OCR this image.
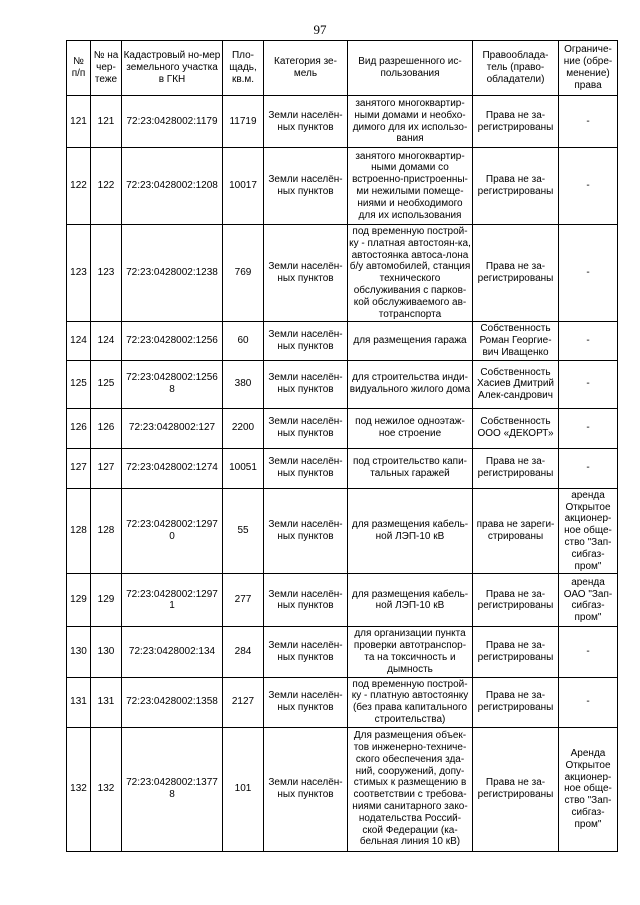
97
№ п/п	№ на чер-теже	Кадастровый но-мер земельного участка в ГКН	Пло-щадь, кв.м.	Категория зе-мель	Вид разрешенного ис-пользования	Правооблада-тель (право-обладатели)	Ограниче-ние (обре-менение) права
121	121	72:23:0428002:1179	11719	Земли населён-ных пунктов	занятого многоквартир-ными домами и необхо-димого для их использо-вания	Права не за-регистрированы	-
122	122	72:23:0428002:1208	10017	Земли населён-ных пунктов	занятого многоквартир-ными домами со встроенно-пристроенны-ми нежилыми помеще-ниями и необходимого для их использования	Права не за-регистрированы	-
123	123	72:23:0428002:1238	769	Земли населён-ных пунктов	под временную построй-ку - платная автостоян-ка, автостоянка автосa-лона б/у автомобилей, станция технического обслуживания с парков-кой обслуживаемого ав-тотранспорта	Права не за-регистрированы	-
124	124	72:23:0428002:1256	60	Земли населён-ных пунктов	для размещения гаража	Собственность Роман Георгие-вич Иващенко	-
125	125	72:23:0428002:1256 8	380	Земли населён-ных пунктов	для строительства инди-видуального жилого дома	Собственность Хасиев Дмитрий Алек-сандрович	-
126	126	72:23:0428002:127	2200	Земли населён-ных пунктов	под нежилое одноэтаж-ное строение	Собственность ООО «ДЕКОРТ»	-
127	127	72:23:0428002:1274	10051	Земли населён-ных пунктов	под строительство капи-тальных гаражей	Права не за-регистрированы	-
128	128	72:23:0428002:1297 0	55	Земли населён-ных пунктов	для размещения кабель-ной ЛЭП-10 кВ	права не зареги-стрированы	аренда Открытое акционер-ное обще-ство "Зап-сибгаз-пром"
129	129	72:23:0428002:1297 1	277	Земли населён-ных пунктов	для размещения кабель-ной ЛЭП-10 кВ	Права не за-регистрированы	аренда ОАО "Зап-сибгаз-пром"
130	130	72:23:0428002:134	284	Земли населён-ных пунктов	для организации пункта проверки автотранспор-та на токсичность и дымность	Права не за-регистрированы	-
131	131	72:23:0428002:1358	2127	Земли населён-ных пунктов	под временную построй-ку - платную автостоянку (без права капитального строительства)	Права не за-регистрированы	-
132	132	72:23:0428002:1377 8	101	Земли населён-ных пунктов	Для размещения объек-тов инженерно-техниче-ского обеспечения зда-ний, сооружений, допу-стимых к размещению в соответствии с требова-ниями санитарного зако-нодательства Россий-ской Федерации (ка-бельная линия 10 кВ)	Права не за-регистрированы	Аренда Открытое акционер-ное обще-ство "Зап-сибгаз-пром"
